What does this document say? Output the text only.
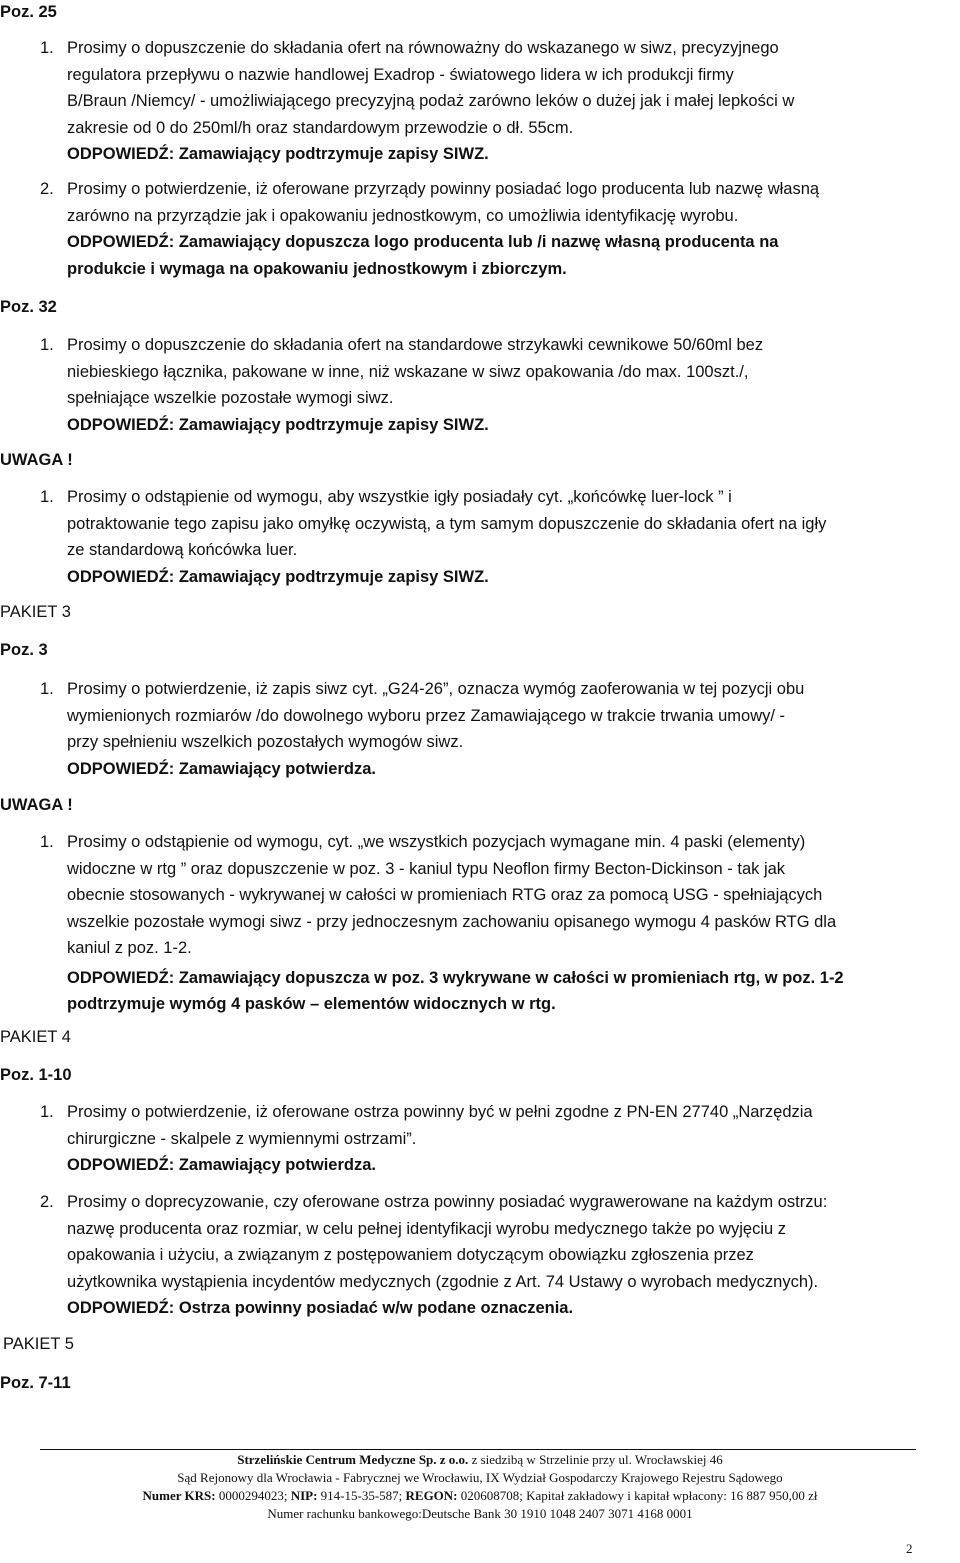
Poz. 25
1. Prosimy o dopuszczenie do składania ofert na równoważny do wskazanego w siwz, precyzyjnego
regulatora przepływu o nazwie handlowej Exadrop - światowego lidera w ich produkcji firmy
B/Braun /Niemcy/ - umożliwiającego precyzyjną podaż zarówno leków o dużej jak i małej lepkości w
zakresie od 0 do 250ml/h oraz standardowym przewodzie o dł. 55cm.
ODPOWIEDŹ: Zamawiający podtrzymuje zapisy SIWZ.
2. Prosimy o potwierdzenie, iż oferowane przyrządy powinny posiadać logo producenta lub nazwę własną
zarówno na przyrządzie jak i opakowaniu jednostkowym, co umożliwia identyfikację wyrobu.
ODPOWIEDŹ: Zamawiający dopuszcza logo producenta lub /i nazwę własną producenta na
produkcie i wymaga na opakowaniu jednostkowym i zbiorczym.
Poz. 32
1. Prosimy o dopuszczenie do składania ofert na standardowe strzykawki cewnikowe 50/60ml bez
niebieskiego łącznika, pakowane w inne, niż wskazane w siwz opakowania /do max. 100szt./,
spełniające wszelkie pozostałe wymogi siwz.
ODPOWIEDŹ: Zamawiający podtrzymuje zapisy SIWZ.
UWAGA !
1. Prosimy o odstąpienie od wymogu, aby wszystkie igły posiadały cyt. „końcówkę luer-lock ” i
potraktowanie tego zapisu jako omyłkę oczywistą, a tym samym dopuszczenie do składania ofert na igły
ze standardową końcówka luer.
ODPOWIEDŹ: Zamawiający podtrzymuje zapisy SIWZ.
PAKIET 3
Poz. 3
1. Prosimy o potwierdzenie, iż zapis siwz cyt. „G24-26”, oznacza wymóg zaoferowania w tej pozycji obu
wymienionych rozmiarów /do dowolnego wyboru przez Zamawiającego w trakcie trwania umowy/ -
przy spełnieniu wszelkich pozostałych wymogów siwz.
ODPOWIEDŹ: Zamawiający potwierdza.
UWAGA !
1. Prosimy o odstąpienie od wymogu, cyt. „we wszystkich pozycjach wymagane min. 4 paski (elementy)
widoczne w rtg ” oraz dopuszczenie w poz. 3 - kaniul typu Neoflon firmy Becton-Dickinson - tak jak
obecnie stosowanych - wykrywanej w całości w promieniach RTG oraz za pomocą USG - spełniających
wszelkie pozostałe wymogi siwz - przy jednoczesnym zachowaniu opisanego wymogu 4 pasków RTG dla
kaniul z poz. 1-2.
ODPOWIEDŹ: Zamawiający dopuszcza w poz. 3 wykrywane w całości w promieniach rtg, w poz. 1-2
podtrzymuje wymóg 4 pasków – elementów widocznych w rtg.
PAKIET 4
Poz. 1-10
1. Prosimy o potwierdzenie, iż oferowane ostrza powinny być w pełni zgodne z PN-EN 27740 „Narzędzia
chirurgiczne - skalpele z wymiennymi ostrzami”.
ODPOWIEDŹ: Zamawiający potwierdza.
2. Prosimy o doprecyzowanie, czy oferowane ostrza powinny posiadać wygrawerowane na każdym ostrzu:
nazwę producenta oraz rozmiar, w celu pełnej identyfikacji wyrobu medycznego także po wyjęciu z
opakowania i użyciu, a związanym z postępowaniem dotyczącym obowiązku zgłoszenia przez
użytkownika wystąpienia incydentów medycznych (zgodnie z Art. 74 Ustawy o wyrobach medycznych).
ODPOWIEDŹ: Ostrza powinny posiadać w/w podane oznaczenia.
PAKIET 5
Poz. 7-11
Strzelińskie Centrum Medyczne Sp. z o.o. z siedzibą w Strzelinie przy ul. Wrocławskiej 46
Sąd Rejonowy dla Wrocławia - Fabrycznej we Wrocławiu, IX Wydział Gospodarczy Krajowego Rejestru Sądowego
Numer KRS: 0000294023; NIP: 914-15-35-587; REGON: 020608708; Kapitał zakładowy i kapitał wpłacony: 16 887 950,00 zł
Numer rachunku bankowego:Deutsche Bank 30 1910 1048 2407 3071 4168 0001
2
